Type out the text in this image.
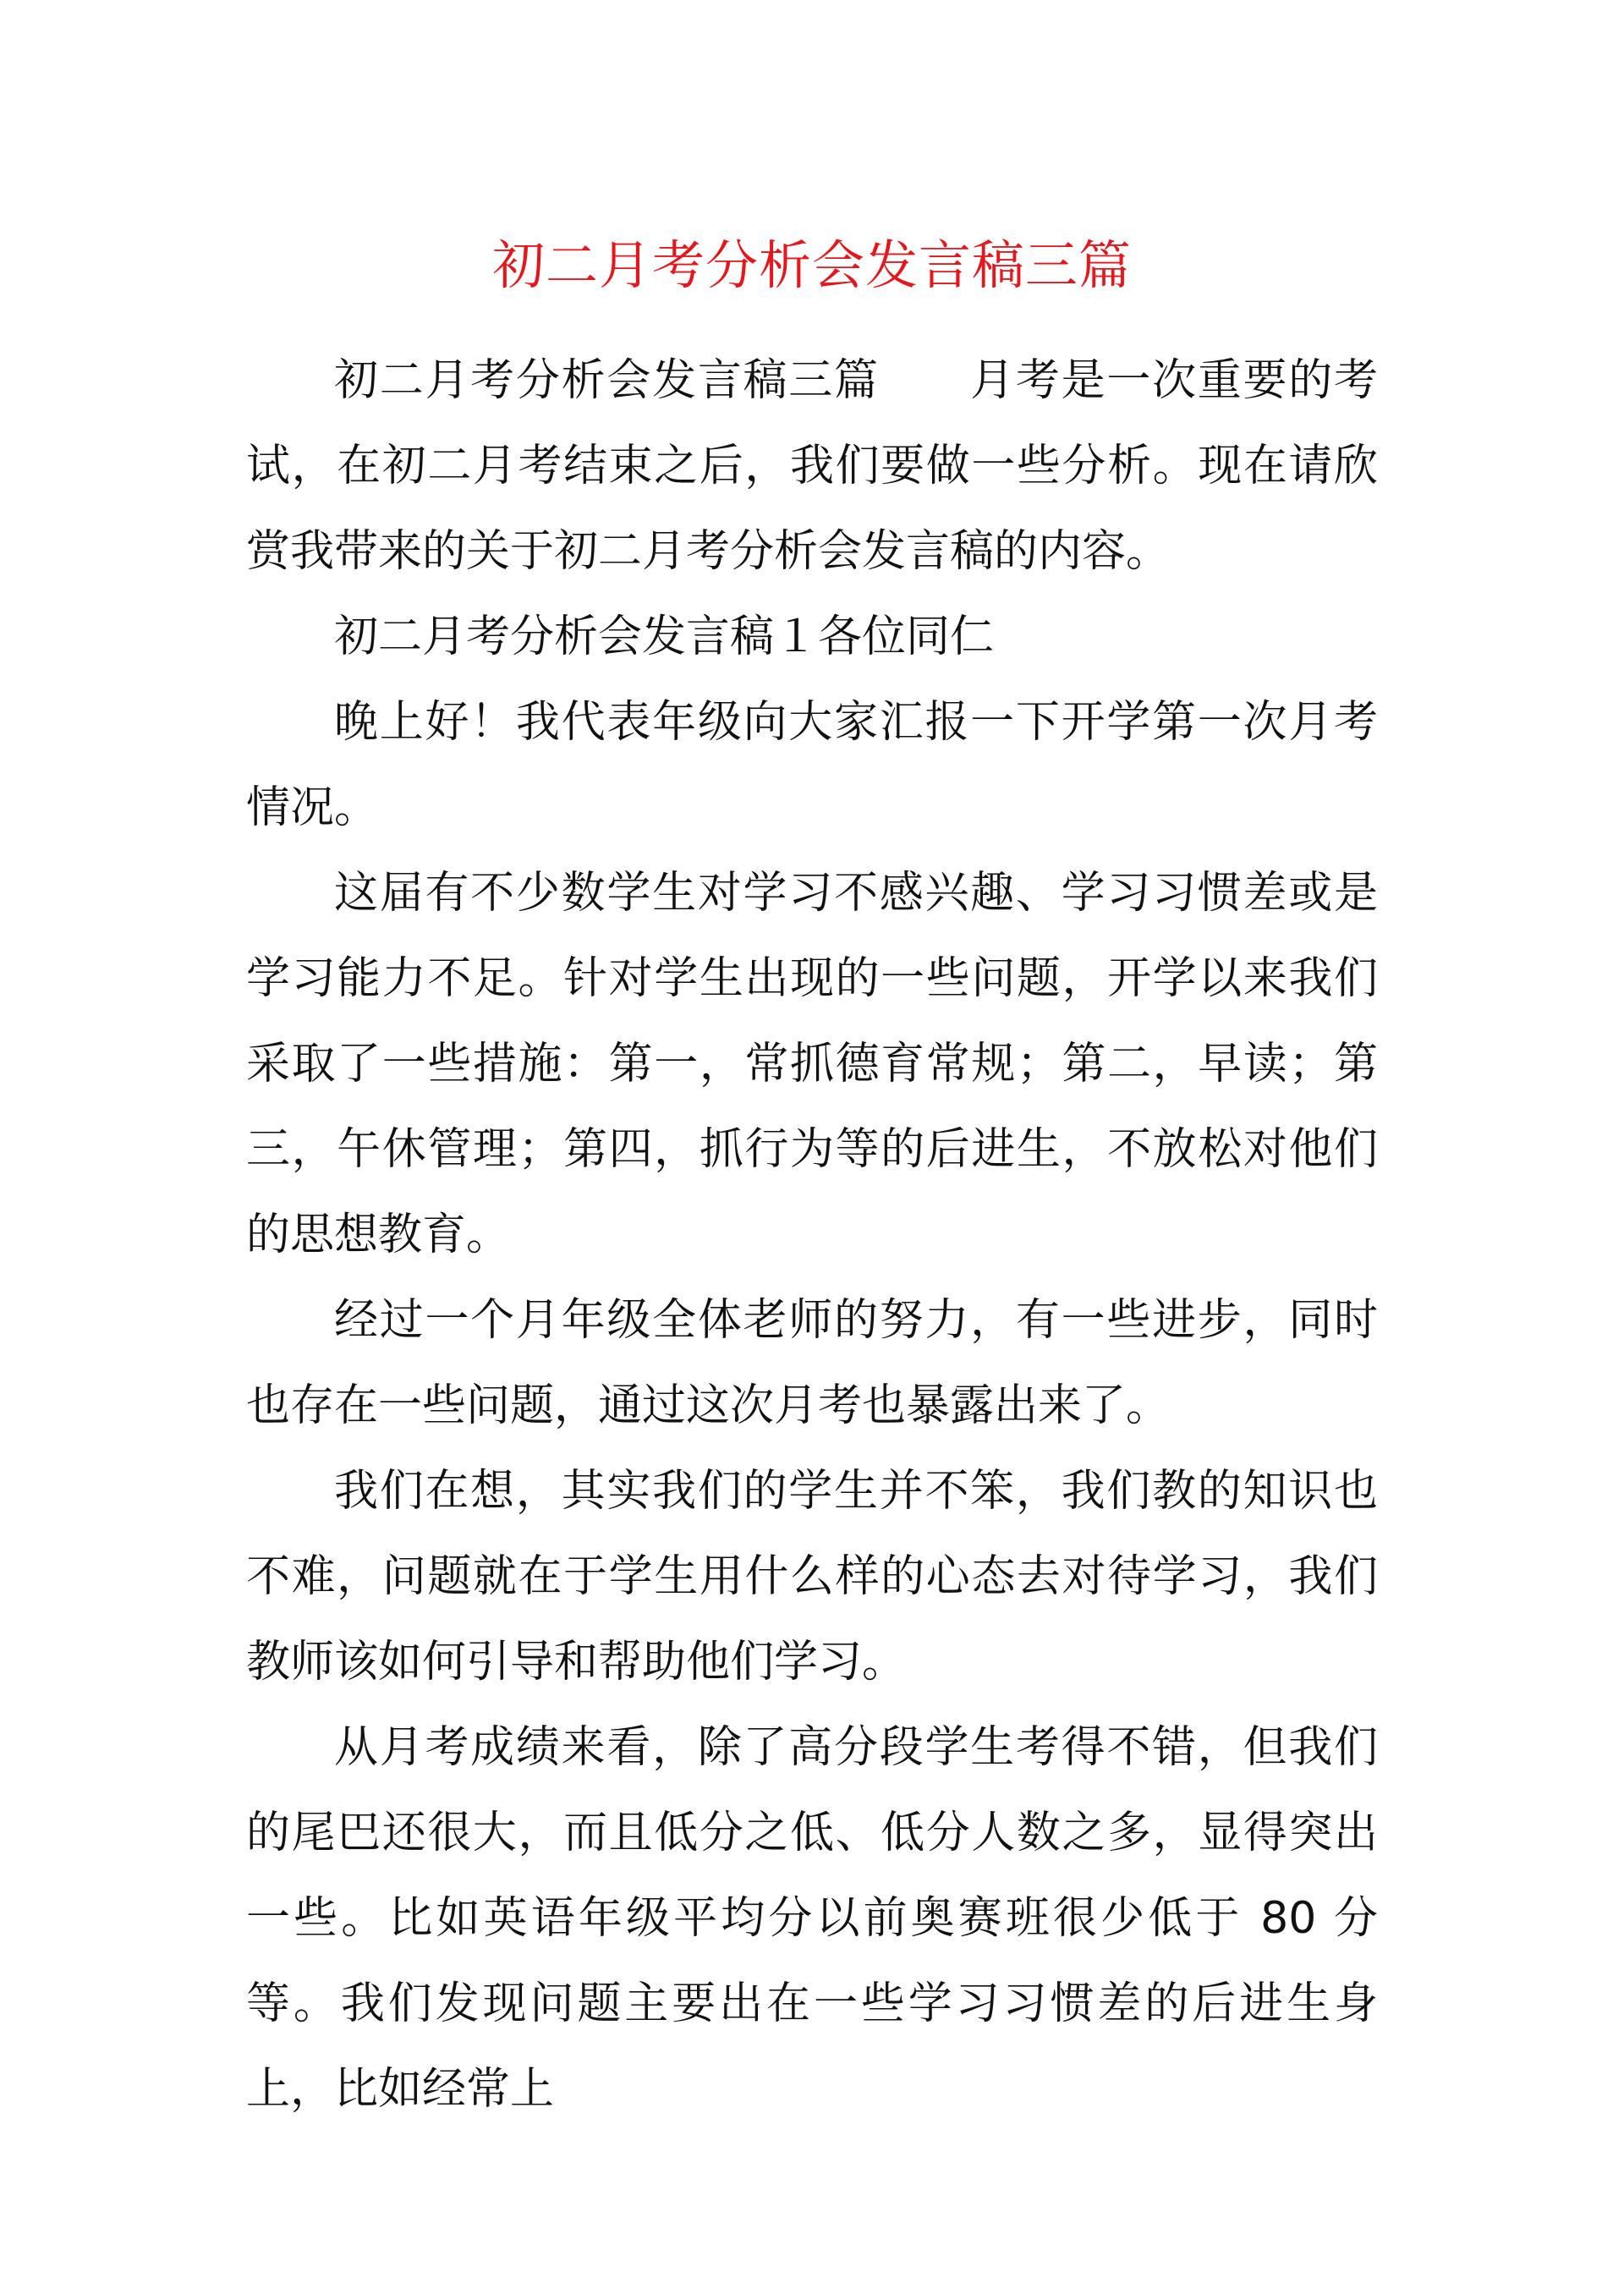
初二月考分析会发言稿三篇

初二月考分析会发言稿三篇　　月考是一次重要的考试，在初二月考结束之后，我们要做一些分析。现在请欣赏我带来的关于初二月考分析会发言稿的内容。

初二月考分析会发言稿１各位同仁

晚上好！我代表年级向大家汇报一下开学第一次月考情况。

这届有不少数学生对学习不感兴趣、学习习惯差或是学习能力不足。针对学生出现的一些问题，开学以来我们采取了一些措施：第一，常抓德育常规；第二，早读；第三，午休管理；第四，抓行为等的后进生，不放松对他们的思想教育。

经过一个月年级全体老师的努力，有一些进步，同时也存在一些问题，通过这次月考也暴露出来了。

我们在想，其实我们的学生并不笨，我们教的知识也不难，问题就在于学生用什么样的心态去对待学习，我们教师该如何引导和帮助他们学习。

从月考成绩来看，除了高分段学生考得不错，但我们的尾巴还很大，而且低分之低、低分人数之多，显得突出一些。比如英语年级平均分以前奥赛班很少低于 80 分等。我们发现问题主要出在一些学习习惯差的后进生身上，比如经常上
